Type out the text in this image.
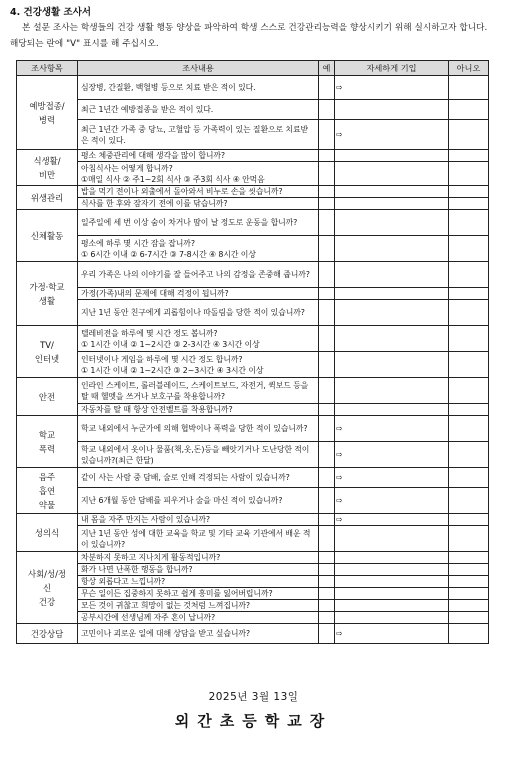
4. 건강생활 조사서
본 설문 조사는 학생들의 건강 생활 행동 양상을 파악하여 학생 스스로 건강관리능력을 향상시키기 위해 실시하고자 합니다. 해당되는 란에 "V" 표시를 해 주십시오.
조사항목	조사내용	예	자세하게 기입	아니오
예방접종/
병력	심장병, 간질환, 백혈병 등으로 치료 받은 적이 있다.		⇨	
	최근 1년간 예방접종을 받은 적이 있다.			
	최근 1년간 가족 중 당뇨, 고혈압 등 가족력이 있는 질환으로 치료받은 적이 있다.		⇨	
식생활/
비만	평소 체중관리에 대해 생각을 많이 합니까?			
	아침식사는 어떻게 합니까?
①매일 식사 ② 주1~2회 식사 ③ 주3회 식사 ④ 안먹음			
위생관리	밥을 먹기 전이나 외출에서 돌아와서 비누로 손을 씻습니까?			
	식사를 한 후와 잠자기 전에 이를 닦습니까?			
신체활동	일주일에 세 번 이상 숨이 차거나 땀이 날 정도로 운동을 합니까?			
	평소에 하루 몇 시간 잠을 잡니까?
① 6시간 이내 ② 6-7시간 ③ 7-8시간 ④ 8시간 이상			
가정·학교
생활	우리 가족은 나의 이야기를 잘 들어주고 나의 감정을 존중해 줍니까?			
	가정(가족)내의 문제에 대해 걱정이 됩니까?			
	지난 1년 동안 친구에게 괴롭힘이나 따돌림을 당한 적이 있습니까?			
TV/
인터넷	텔레비전을 하루에 몇 시간 정도 봅니까?
① 1시간 이내 ② 1~2시간 ③ 2-3시간 ④ 3시간 이상			
	인터넷이나 게임을 하루에 몇 시간 정도 합니까?
① 1시간 이내 ② 1~2시간 ③ 2~3시간 ④ 3시간 이상			
안전	인라인 스케이트, 롤러블레이드, 스케이트보드, 자전거, 퀵보드 등을 탈 때 헬멧을 쓰거나 보호구를 착용합니까?			
	자동차를 탈 때 항상 안전벨트를 착용합니까?			
학교
폭력	학교 내외에서 누군가에 의해 협박이나 폭력을 당한 적이 있습니까?		⇨	
	학교 내외에서 옷이나 물품(책,옷,돈)등을 빼앗기거나 도난당한 적이 있습니까?(최근 한달)		⇨	
음주
흡연
약물	같이 사는 사람 중 담배, 술로 인해 걱정되는 사람이 있습니까?		⇨	
	지난 6개월 동안 담배를 피우거나 술을 마신 적이 있습니까?		⇨	
성의식	내 몸을 자주 만지는 사람이 있습니까?		⇨	
	지난 1년 동안 성에 대한 교육을 학교 및 기타 교육 기관에서 배운 적이 있습니까?			
사회/성/정
신
건강	차분하지 못하고 지나치게 활동적입니까?			
	화가 나면 난폭한 행동을 합니까?			
	항상 외롭다고 느낍니까?			
	무슨 일이든 집중하지 못하고 쉽게 흥미를 잃어버립니까?			
	모든 것이 귀찮고 희망이 없는 것처럼 느껴집니까?			
	공부시간에 선생님께 자주 혼이 납니까?			
건강상담	고민이나 괴로운 일에 대해 상담을 받고 싶습니까?		⇨	
2025년 3월 13일
외간초등학교장
